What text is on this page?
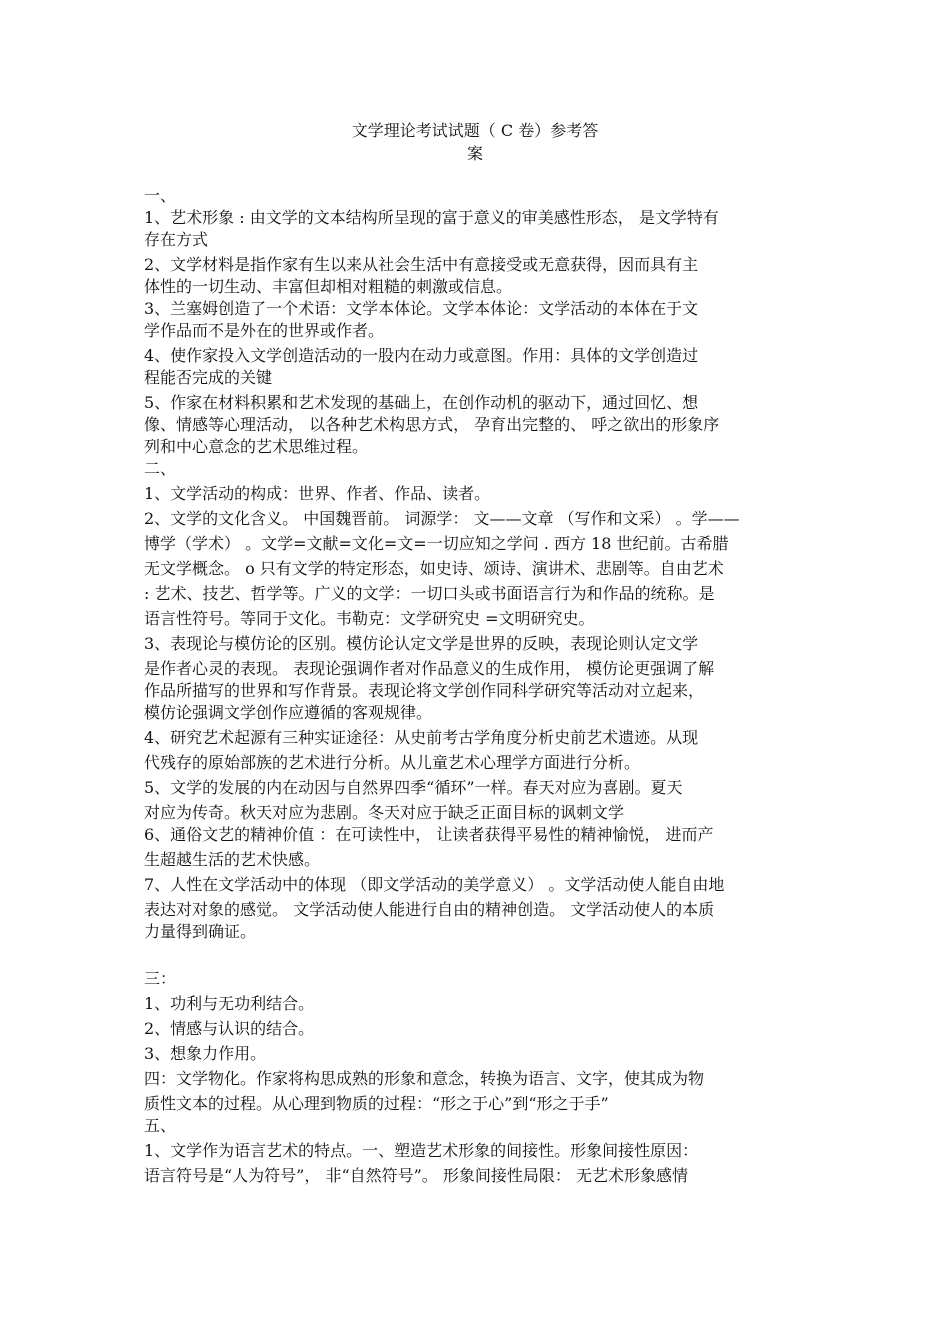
文学理论考试试题（ C 卷）参考答
案
一、
1、艺术形象 : 由文学的文本结构所呈现的富于意义的审美感性形态， 是文学特有
存在方式
2、文学材料是指作家有生以来从社会生活中有意接受或无意获得，因而具有主
体性的一切生动、丰富但却相对粗糙的刺激或信息。
3、兰塞姆创造了一个术语：文学本体论。文学本体论：文学活动的本体在于文
学作品而不是外在的世界或作者。
4、使作家投入文学创造活动的一股内在动力或意图。作用：具体的文学创造过
程能否完成的关键
5、作家在材料积累和艺术发现的基础上，在创作动机的驱动下，通过回忆、想
像、情感等心理活动， 以各种艺术构思方式， 孕育出完整的、 呼之欲出的形象序
列和中心意念的艺术思维过程。
二、
1、文学活动的构成：世界、作者、作品、读者。
2、文学的文化含义。 中国魏晋前。 词源学： 文——文章 （写作和文采） 。学——
博学（学术） 。文学=文献=文化=文=一切应知之学问 . 西方 18 世纪前。古希腊
无文学概念。 o 只有文学的特定形态，如史诗、颂诗、演讲术、悲剧等。自由艺术
: 艺术、技艺、哲学等。广义的文学：一切口头或书面语言行为和作品的统称。是
语言性符号。等同于文化。韦勒克：文学研究史 =文明研究史。
3、表现论与模仿论的区别。模仿论认定文学是世界的反映，表现论则认定文学
是作者心灵的表现。 表现论强调作者对作品意义的生成作用， 模仿论更强调了解
作品所描写的世界和写作背景。表现论将文学创作同科学研究等活动对立起来，
模仿论强调文学创作应遵循的客观规律。
4、研究艺术起源有三种实证途径：从史前考古学角度分析史前艺术遗迹。从现
代残存的原始部族的艺术进行分析。从儿童艺术心理学方面进行分析。
5、文学的发展的内在动因与自然界四季“循环”一样。春天对应为喜剧。夏天
对应为传奇。秋天对应为悲剧。冬天对应于缺乏正面目标的讽刺文学
6、通俗文艺的精神价值 ：在可读性中， 让读者获得平易性的精神愉悦， 进而产
生超越生活的艺术快感。
7、人性在文学活动中的体现 （即文学活动的美学意义） 。文学活动使人能自由地
表达对对象的感觉。 文学活动使人能进行自由的精神创造。 文学活动使人的本质
力量得到确证。
三：
1、功利与无功利结合。
2、情感与认识的结合。
3、想象力作用。
四：文学物化。作家将构思成熟的形象和意念，转换为语言、文字，使其成为物
质性文本的过程。从心理到物质的过程：“形之于心”到“形之于手”
五、
1、文学作为语言艺术的特点。一、塑造艺术形象的间接性。形象间接性原因：
语言符号是“人为符号”， 非“自然符号”。 形象间接性局限： 无艺术形象感情
